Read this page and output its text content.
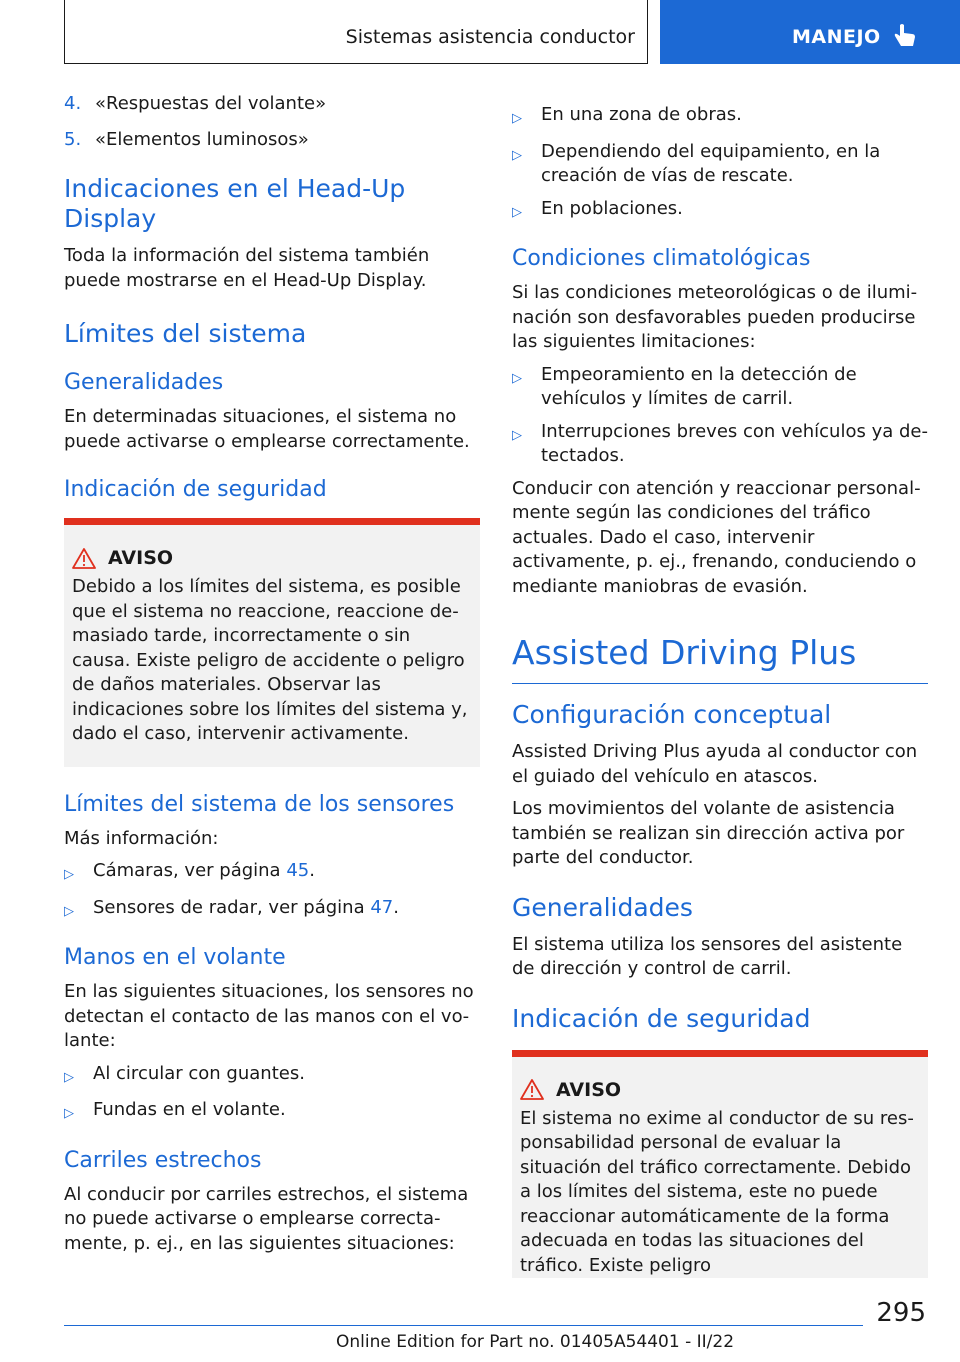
Sistemas asistencia conductor	MANEJO
4. «Respuestas del volante»
5. «Elementos luminosos»
Indicaciones en el Head-Up Display

Toda la información del sistema también puede mostrarse en el Head-Up Display.

Límites del sistema
Generalidades

En determinadas situaciones, el sistema no puede activarse o emplearse correctamente.

Indicación de seguridad
AVISO

Debido a los límites del sistema, es posible que el sistema no reaccione, reaccione demasiado tarde, incorrectamente o sin causa. Existe peligro de accidente o peligro de daños materiales. Observar las indicaciones sobre los límites del sistema y, dado el caso, intervenir activamente.

Límites del sistema de los sensores

Más información:

▷	Cámaras, ver página 45.
▷	Sensores de radar, ver página 47.
Manos en el volante

En las siguientes situaciones, los sensores no detectan el contacto de las manos con el volante:

▷	Al circular con guantes.
▷	Fundas en el volante.
Carriles estrechos

Al conducir por carriles estrechos, el sistema no puede activarse o emplearse correctamente, p. ej., en las siguientes situaciones:

▷	En una zona de obras.
▷	Dependiendo del equipamiento, en la creación de vías de rescate.
▷	En poblaciones.
Condiciones climatológicas

Si las condiciones meteorológicas o de iluminación son desfavorables pueden producirse las siguientes limitaciones:

▷	Empeoramiento en la detección de vehículos y límites de carril.
▷	Interrupciones breves con vehículos ya detectados.

Conducir con atención y reaccionar personalmente según las condiciones del tráfico actuales. Dado el caso, intervenir activamente, p. ej., frenando, conduciendo o mediante maniobras de evasión.

Assisted Driving Plus
Configuración conceptual

Assisted Driving Plus ayuda al conductor con el guiado del vehículo en atascos.

Los movimientos del volante de asistencia también se realizan sin dirección activa por parte del conductor.

Generalidades

El sistema utiliza los sensores del asistente de dirección y control de carril.

Indicación de seguridad
AVISO

El sistema no exime al conductor de su responsabilidad personal de evaluar la situación del tráfico correctamente. Debido a los límites del sistema, este no puede reaccionar automáticamente de la forma adecuada en todas las situaciones del tráfico. Existe peligro

295
Online Edition for Part no. 01405A54401 - II/22
